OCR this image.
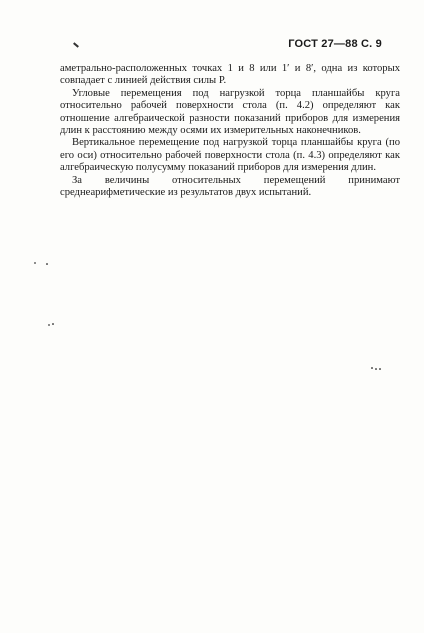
ГОСТ 27—88 С. 9

аметрально-расположенных точках 1 и 8 или 1′ и 8′, одна из которых совпадает с линией действия силы P.

Угловые перемещения под нагрузкой торца планшайбы круга относительно рабочей поверхности стола (п. 4.2) определяют как отношение алгебраической разности показаний приборов для измерения длин к расстоянию между осями их измерительных наконечников.

Вертикальное перемещение под нагрузкой торца планшайбы круга (по его оси) относительно рабочей поверхности стола (п. 4.3) определяют как алгебраическую полусумму показаний приборов для измерения длин.

За величины относительных перемещений принимают среднеарифметические из результатов двух испытаний.
